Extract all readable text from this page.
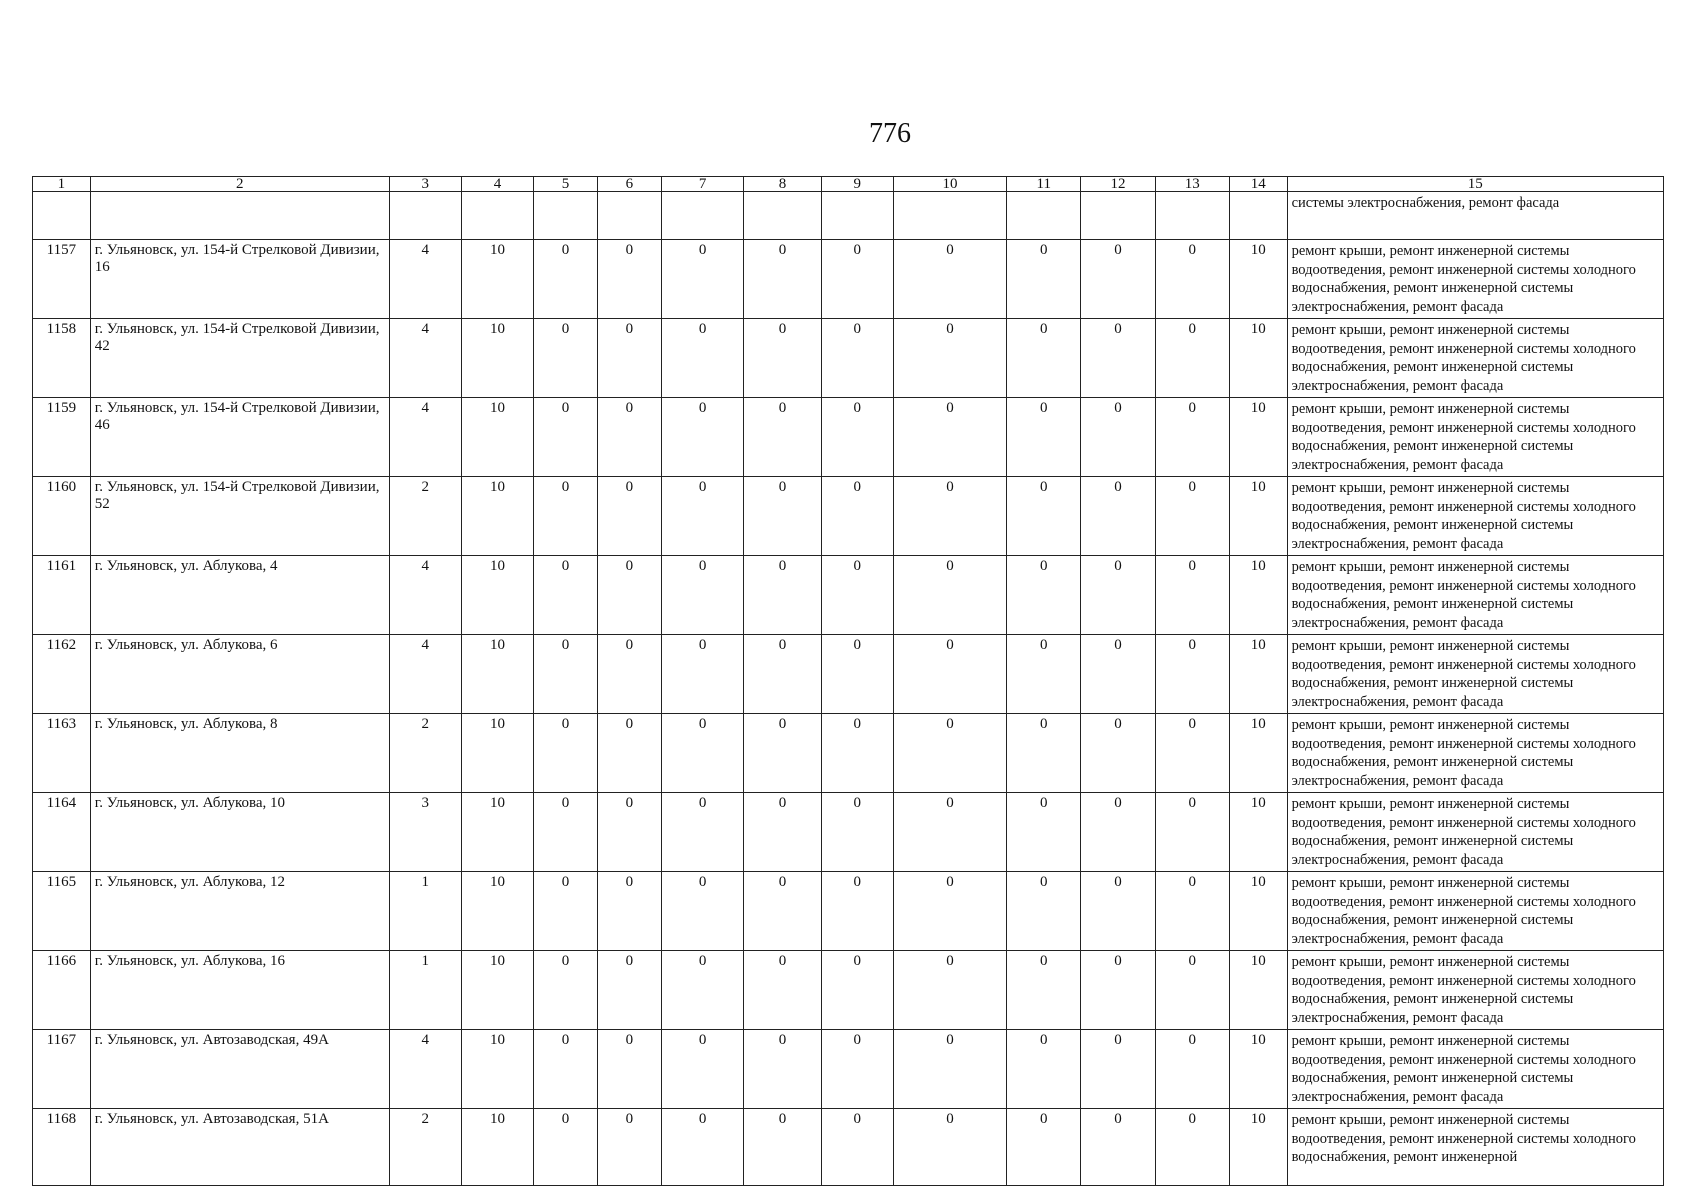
776
1	2	3	4	5	6	7	8	9	10	11	12	13	14	15
														системы электроснабжения, ремонт фасада
1157	г. Ульяновск, ул. 154-й Стрелковой Дивизии, 16	4	10	0	0	0	0	0	0	0	0	0	10	ремонт крыши, ремонт инженерной системы водоотведения, ремонт инженерной системы холодного водоснабжения, ремонт инженерной системы электроснабжения, ремонт фасада
1158	г. Ульяновск, ул. 154-й Стрелковой Дивизии, 42	4	10	0	0	0	0	0	0	0	0	0	10	ремонт крыши, ремонт инженерной системы водоотведения, ремонт инженерной системы холодного водоснабжения, ремонт инженерной системы электроснабжения, ремонт фасада
1159	г. Ульяновск, ул. 154-й Стрелковой Дивизии, 46	4	10	0	0	0	0	0	0	0	0	0	10	ремонт крыши, ремонт инженерной системы водоотведения, ремонт инженерной системы холодного водоснабжения, ремонт инженерной системы электроснабжения, ремонт фасада
1160	г. Ульяновск, ул. 154-й Стрелковой Дивизии, 52	2	10	0	0	0	0	0	0	0	0	0	10	ремонт крыши, ремонт инженерной системы водоотведения, ремонт инженерной системы холодного водоснабжения, ремонт инженерной системы электроснабжения, ремонт фасада
1161	г. Ульяновск, ул. Аблукова, 4	4	10	0	0	0	0	0	0	0	0	0	10	ремонт крыши, ремонт инженерной системы водоотведения, ремонт инженерной системы холодного водоснабжения, ремонт инженерной системы электроснабжения, ремонт фасада
1162	г. Ульяновск, ул. Аблукова, 6	4	10	0	0	0	0	0	0	0	0	0	10	ремонт крыши, ремонт инженерной системы водоотведения, ремонт инженерной системы холодного водоснабжения, ремонт инженерной системы электроснабжения, ремонт фасада
1163	г. Ульяновск, ул. Аблукова, 8	2	10	0	0	0	0	0	0	0	0	0	10	ремонт крыши, ремонт инженерной системы водоотведения, ремонт инженерной системы холодного водоснабжения, ремонт инженерной системы электроснабжения, ремонт фасада
1164	г. Ульяновск, ул. Аблукова, 10	3	10	0	0	0	0	0	0	0	0	0	10	ремонт крыши, ремонт инженерной системы водоотведения, ремонт инженерной системы холодного водоснабжения, ремонт инженерной системы электроснабжения, ремонт фасада
1165	г. Ульяновск, ул. Аблукова, 12	1	10	0	0	0	0	0	0	0	0	0	10	ремонт крыши, ремонт инженерной системы водоотведения, ремонт инженерной системы холодного водоснабжения, ремонт инженерной системы электроснабжения, ремонт фасада
1166	г. Ульяновск, ул. Аблукова, 16	1	10	0	0	0	0	0	0	0	0	0	10	ремонт крыши, ремонт инженерной системы водоотведения, ремонт инженерной системы холодного водоснабжения, ремонт инженерной системы электроснабжения, ремонт фасада
1167	г. Ульяновск, ул. Автозаводская, 49А	4	10	0	0	0	0	0	0	0	0	0	10	ремонт крыши, ремонт инженерной системы водоотведения, ремонт инженерной системы холодного водоснабжения, ремонт инженерной системы электроснабжения, ремонт фасада
1168	г. Ульяновск, ул. Автозаводская, 51А	2	10	0	0	0	0	0	0	0	0	0	10	ремонт крыши, ремонт инженерной системы водоотведения, ремонт инженерной системы холодного водоснабжения, ремонт инженерной
